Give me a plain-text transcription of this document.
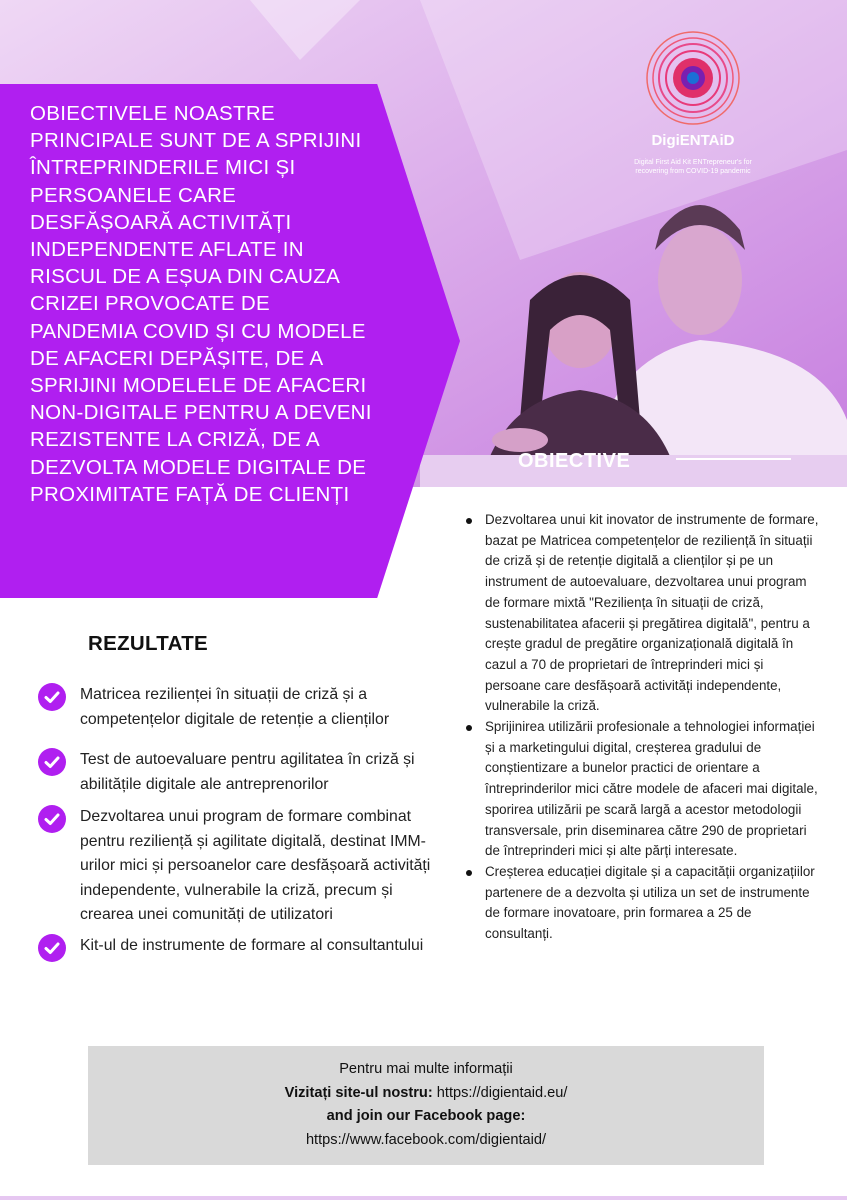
DigiENTAiD
Digital First Aid Kit ENTrepreneur's for
recovering from COVID-19 pandemic
OBIECTIVELE NOASTRE PRINCIPALE SUNT DE A SPRIJINI ÎNTREPRINDERILE MICI ȘI PERSOANELE CARE DESFĂȘOARĂ ACTIVITĂȚI INDEPENDENTE AFLATE IN RISCUL DE A EȘUA DIN CAUZA CRIZEI PROVOCATE DE PANDEMIA COVID ȘI CU MODELE DE AFACERI DEPĂȘITE, DE A SPRIJINI MODELELE DE AFACERI NON-DIGITALE PENTRU A DEVENI REZISTENTE LA CRIZĂ, DE A DEZVOLTA MODELE DIGITALE DE PROXIMITATE FAȚĂ DE CLIENȚI
OBIECTIVE
Dezvoltarea unui kit inovator de instrumente de formare, bazat pe Matricea competențelor de reziliență în situații de criză și de retenție digitală a clienților și pe un instrument de autoevaluare, dezvoltarea unui program de formare mixtă "Reziliența în situații de criză, sustenabilitatea afacerii și pregătirea digitală", pentru a crește gradul de pregătire organizațională digitală în cazul a 70 de proprietari de întreprinderi mici și persoane care desfășoară activități independente, vulnerabile la criză.
Sprijinirea utilizării profesionale a tehnologiei informației și a marketingului digital, creșterea gradului de conștientizare a bunelor practici de orientare a întreprinderilor mici către modele de afaceri mai digitale, sporirea utilizării pe scară largă a acestor metodologii transversale, prin diseminarea către 290 de proprietari de întreprinderi mici și alte părți interesate.
Creșterea educației digitale și a capacității organizațiilor partenere de a dezvolta și utiliza un set de instrumente de formare inovatoare, prin formarea a 25 de consultanți.
REZULTATE
Matricea rezilienței în situații de criză și a competențelor digitale de retenție a clienților
Test de autoevaluare pentru agilitatea în criză și abilitățile digitale ale antreprenorilor
Dezvoltarea unui program de formare combinat pentru reziliență și agilitate digitală, destinat IMM-urilor mici și persoanelor care desfășoară activități independente, vulnerabile la criză, precum și crearea unei comunități de utilizatori
Kit-ul de instrumente de formare al consultantului
Pentru mai multe informații
Vizitați site-ul nostru: https://digientaid.eu/
and join our Facebook page:
https://www.facebook.com/digientaid/
